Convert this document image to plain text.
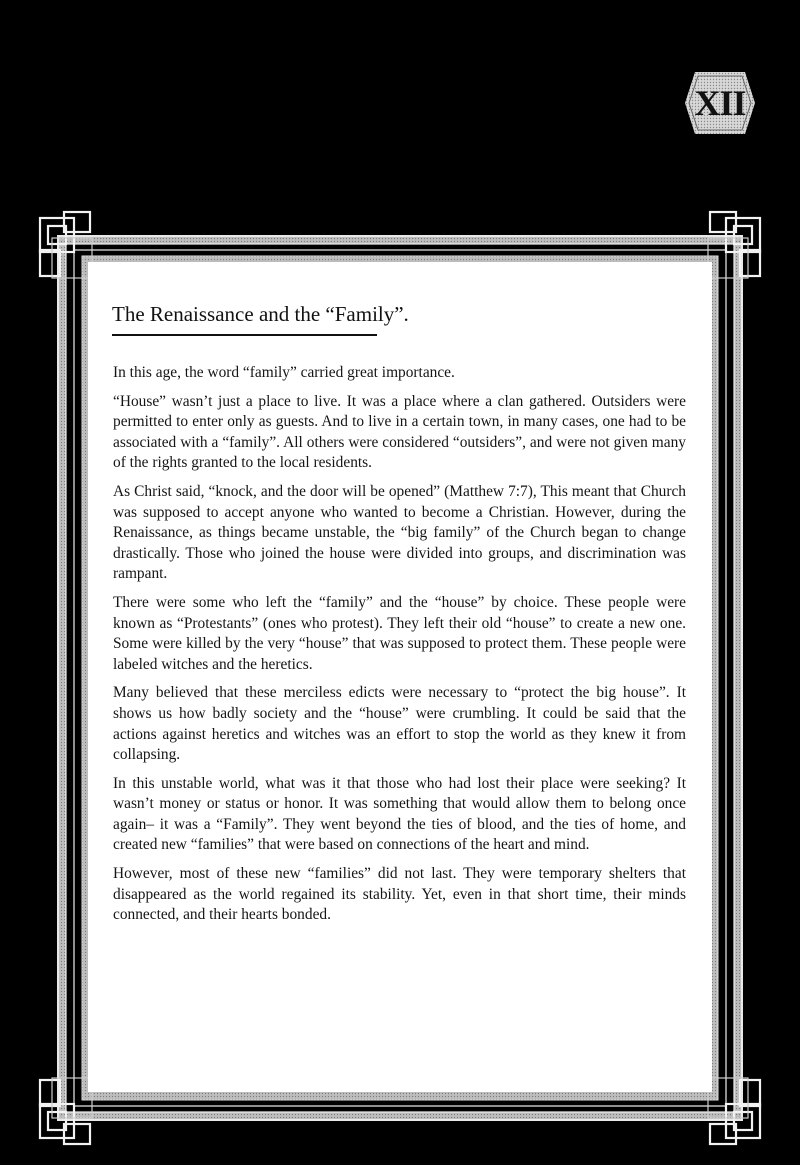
XII
The Renaissance and the “Family”.

In this age, the word “family” carried great importance.

“House” wasn’t just a place to live. It was a place where a clan gathered. Outsiders were permitted to enter only as guests. And to live in a certain town, in many cases, one had to be associated with a “family”. All others were considered “outsiders”, and were not given many of the rights granted to the local residents.

As Christ said, “knock, and the door will be opened” (Matthew 7:7), This meant that Church was supposed to accept anyone who wanted to become a Christian. However, during the Renaissance, as things became unstable, the “big family” of the Church began to change drastically. Those who joined the house were divided into groups, and discrimination was rampant.

There were some who left the “family” and the “house” by choice. These people were known as “Protestants” (ones who protest). They left their old “house” to create a new one. Some were killed by the very “house” that was supposed to protect them. These people were labeled witches and the heretics.

Many believed that these merciless edicts were necessary to “protect the big house”. It shows us how badly society and the “house” were crumbling. It could be said that the actions against heretics and witches was an effort to stop the world as they knew it from collapsing.

In this unstable world, what was it that those who had lost their place were seeking? It wasn’t money or status or honor. It was something that would allow them to belong once again– it was a “Family”. They went beyond the ties of blood, and the ties of home, and created new “families” that were based on connections of the heart and mind.

However, most of these new “families” did not last. They were temporary shelters that disappeared as the world regained its stability. Yet, even in that short time, their minds connected, and their hearts bonded.
